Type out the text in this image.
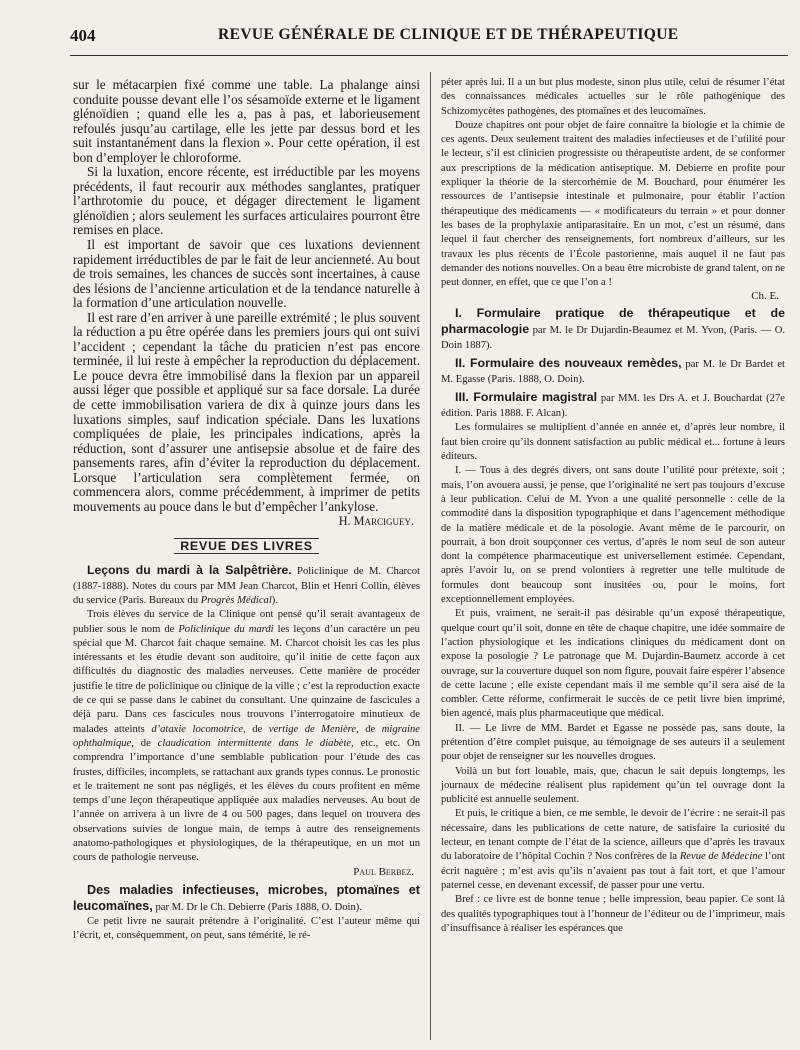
404	REVUE GÉNÉRALE DE CLINIQUE ET DE THÉRAPEUTIQUE

sur le métacarpien fixé comme une table. La phalange ainsi conduite pousse devant elle l’os sésamoïde externe et le ligament glénoïdien ; quand elle les a, pas à pas, et laborieusement refoulés jusqu’au cartilage, elle les jette par dessus bord et les suit instantanément dans la flexion ». Pour cette opération, il est bon d’employer le chloroforme.

Si la luxation, encore récente, est irréductible par les moyens précédents, il faut recourir aux méthodes sanglantes, pratiquer l’arthrotomie du pouce, et dégager directement le ligament glénoïdien ; alors seulement les surfaces articulaires pourront être remises en place.

Il est important de savoir que ces luxations deviennent rapidement irréductibles de par le fait de leur ancienneté. Au bout de trois semaines, les chances de succès sont incertaines, à cause des lésions de l’ancienne articulation et de la tendance naturelle à la formation d’une articulation nouvelle.

Il est rare d’en arriver à une pareille extrémité ; le plus souvent la réduction a pu être opérée dans les premiers jours qui ont suivi l’accident ; cependant la tâche du praticien n’est pas encore terminée, il lui reste à empêcher la reproduction du déplacement. Le pouce devra être immobilisé dans la flexion par un appareil aussi léger que possible et appliqué sur sa face dorsale. La durée de cette immobilisation variera de dix à quinze jours dans les luxations simples, sauf indication spéciale. Dans les luxations compliquées de plaie, les principales indications, après la réduction, sont d’assurer une antisepsie absolue et de faire des pansements rares, afin d’éviter la reproduction du déplacement. Lorsque l’articulation sera complètement fermée, on commencera alors, comme précédemment, à imprimer de petits mouvements au pouce dans le but d’empêcher l’ankylose.

H. Marciguey.

REVUE DES LIVRES

Leçons du mardi à la Salpêtrière. Policlinique de M. Charcot (1887-1888). Notes du cours par MM Jean Charcot, Blin et Henri Collin, élèves du service (Paris. Bureaux du Progrès Médical).

Trois élèves du service de la Clinique ont pensé qu’il serait avantageux de publier sous le nom de Policlinique du mardi les leçons d’un caractère un peu spécial que M. Charcot fait chaque semaine. M. Charcot choisit les cas les plus intéressants et les étudie devant son auditoire, qu’il initie de cette façon aux difficultés du diagnostic des maladies nerveuses. Cette manière de procéder justifie le titre de policlinique ou clinique de la ville ; c’est la reproduction exacte de ce qui se passe dans le cabinet du consultant. Une quinzaine de fascicules a déjà paru. Dans ces fascicules nous trouvons l’interrogatoire minutieux de malades atteints d’ataxie locomotrice, de vertige de Menière, de migraine ophthalmique, de claudication intermittente dans le diabète, etc., etc. On comprendra l’importance d’une semblable publication pour l’étude des cas frustes, difficiles, incomplets, se rattachant aux grands types connus. Le pronostic et le traitement ne sont pas négligés, et les élèves du cours profitent en même temps d’une leçon thérapeutique appliquée aux maladies nerveuses. Au bout de l’année on arrivera à un livre de 4 ou 500 pages, dans lequel on trouvera des observations suivies de longue main, de temps à autre des renseignements anatomo-pathologiques et physiologiques, de la thérapeutique, en un mot un cours de pathologie nerveuse.

Paul Berbez.

Des maladies infectieuses, microbes, ptomaïnes et leucomaïnes, par M. Dr le Ch. Debierre (Paris 1888, O. Doin).

Ce petit livre ne saurait prétendre à l’originalité. C’est l’auteur même qui l’écrit, et, conséquemment, on peut, sans témérité, le ré-

péter après lui. Il a un but plus modeste, sinon plus utile, celui de résumer l’état des connaissances médicales actuelles sur le rôle pathogénique des Schizomycètes pathogènes, des ptomaïnes et des leucomaïnes.

Douze chapitres ont pour objet de faire connaître la biologie et la chimie de ces agents. Deux seulement traitent des maladies infectieuses et de l’utilité pour le lecteur, s’il est clinicien progressiste ou thérapeutiste ardent, de se conformer aux prescriptions de la médication antiseptique. M. Debierre en profite pour expliquer la théorie de la stercorhémie de M. Bouchard, pour énumérer les ressources de l’antisepsie intestinale et pulmonaire, pour établir l’action thérapeutique des médicaments — « modificateurs du terrain » et pour donner les bases de la prophylaxie antiparasitaire. En un mot, c’est un résumé, dans lequel il faut chercher des renseignements, fort nombreux d’ailleurs, sur les travaux les plus récents de l’École pastorienne, mais auquel il ne faut pas demander des notions nouvelles. On a beau être microbiste de grand talent, on ne peut donner, en effet, que ce que l’on a !

Ch. E.

I. Formulaire pratique de thérapeutique et de pharmacologie par M. le Dr Dujardin-Beaumez et M. Yvon, (Paris. — O. Doin 1887).

II. Formulaire des nouveaux remèdes, par M. le Dr Bardet et M. Egasse (Paris. 1888, O. Doin).

III. Formulaire magistral par MM. les Drs A. et J. Bouchardat (27e édition. Paris 1888. F. Alcan).

Les formulaires se multiplient d’année en année et, d’après leur nombre, il faut bien croire qu’ils donnent satisfaction au public médical et... fortune à leurs éditeurs.

I. — Tous à des degrés divers, ont sans doute l’utilité pour prétexte, soit ; mais, l’on avouera aussi, je pense, que l’originalité ne sert pas toujours d’excuse à leur publication. Celui de M. Yvon a une qualité personnelle : celle de la commodité dans la disposition typographique et dans l’agencement méthodique de la matière médicale et de la posologie. Avant même de le parcourir, on pourrait, à bon droit soupçonner ces vertus, d’après le nom seul de son auteur dont la compétence pharmaceutique est universellement estimée. Cependant, après l’avoir lu, on se prend volontiers à regretter une telle multitude de formules dont beaucoup sont inusitées ou, pour le moins, fort exceptionnellement employées.

Et puis, vraiment, ne serait-il pas désirable qu’un exposé thérapeutique, quelque court qu’il soit, donne en tête de chaque chapitre, une idée sommaire de l’action physiologique et les indications cliniques du médicament dont on expose la posologie ? Le patronage que M. Dujardin-Baumetz accorde à cet ouvrage, sur la couverture duquel son nom figure, pouvait faire espérer l’absence de cette lacune ; elle existe cependant mais il me semble qu’il sera aisé de la combler. Cette réforme, confirmerait le succès de ce petit livre bien imprimé, bien agencé, mais plus pharmaceutique que médical.

II. — Le livre de MM. Bardet et Egasse ne possède pas, sans doute, la prétention d’être complet puisque, au témoignage de ses auteurs il a seulement pour objet de renseigner sur les nouvelles drogues.

Voilà un but fort louable, mais, que, chacun le sait depuis longtemps, les journaux de médecine réalisent plus rapidement qu’un tel ouvrage dont la publicité est annuelle seulement.

Et puis, le critique a bien, ce me semble, le devoir de l’écrire : ne serait-il pas nécessaire, dans les publications de cette nature, de satisfaire la curiosité du lecteur, en tenant compte de l’état de la science, ailleurs que d’après les travaux du laboratoire de l’hôpital Cochin ? Nos confrères de la Revue de Médecine l’ont écrit naguère ; m’est avis qu’ils n’avaient pas tout à fait tort, et que l’amour paternel cesse, en devenant excessif, de passer pour une vertu.

Bref : ce livre est de bonne tenue ; belle impression, beau papier. Ce sont là des qualités typographiques tout à l’honneur de l’éditeur ou de l’imprimeur, mais d’insuffisance à réaliser les espérances que
